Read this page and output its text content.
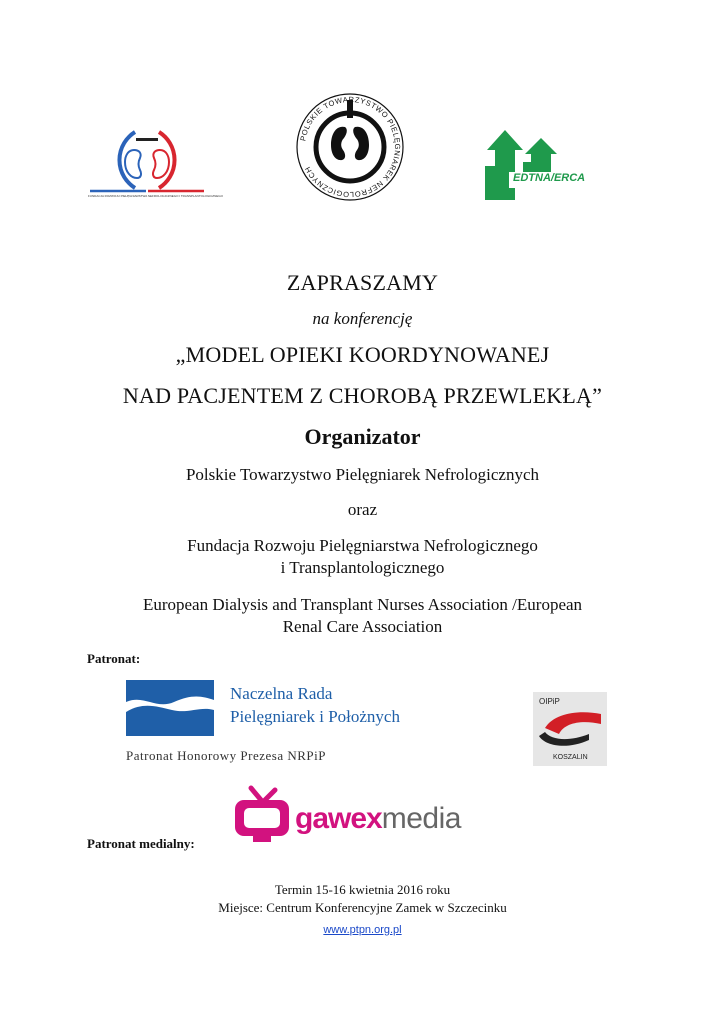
FUNDACJA ROZWOJU PIELĘGNIARSTWA NEFROLOGICZNEGO I TRANSPLANTOLOGICZNEGO
POLSKIE TOWARZYSTWO PIELĘGNIAREK NEFROLOGICZNYCH
EDTNA/ERCA
ZAPRASZAMY
na konferencję
„MODEL OPIEKI KOORDYNOWANEJ
NAD PACJENTEM Z CHOROBĄ PRZEWLEKŁĄ”
Organizator
Polskie Towarzystwo Pielęgniarek Nefrologicznych
oraz
Fundacja Rozwoju Pielęgniarstwa Nefrologicznego
i Transplantologicznego
European Dialysis and Transplant Nurses Association /European
Renal Care Association
Patronat:
Naczelna Rada
Pielęgniarek i Położnych
Patronat Honorowy Prezesa NRPiP
OIPiP
KOSZALIN
gawexmedia
Patronat medialny:
Termin 15-16 kwietnia 2016 roku
Miejsce: Centrum Konferencyjne Zamek w Szczecinku
www.ptpn.org.pl
